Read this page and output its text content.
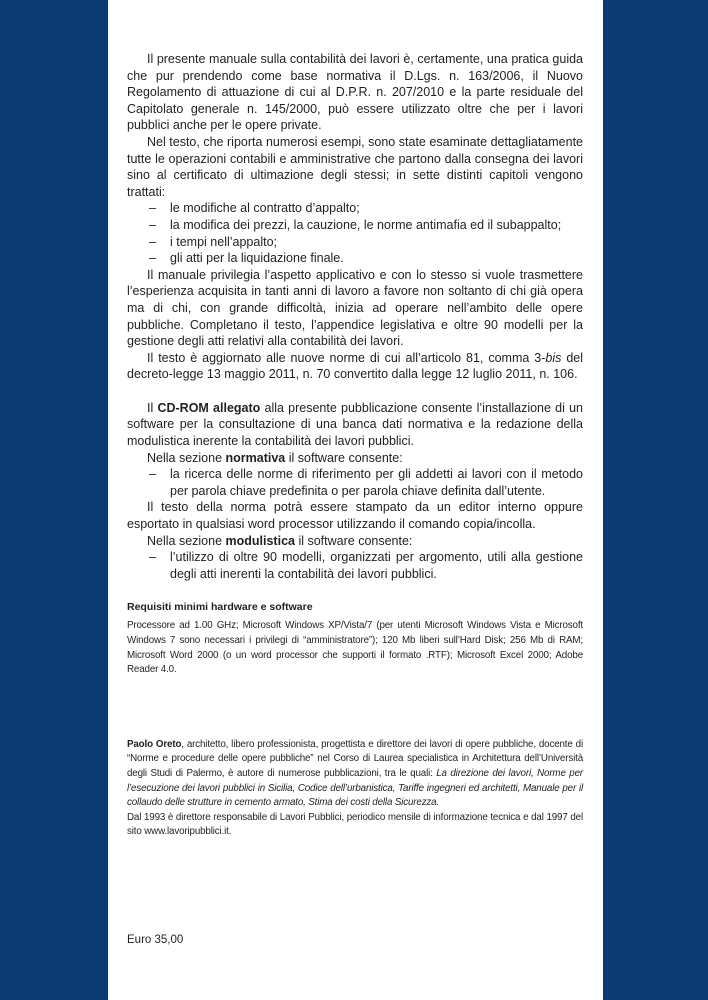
Il presente manuale sulla contabilità dei lavori è, certamente, una pratica guida che pur prendendo come base normativa il D.Lgs. n. 163/2006, il Nuovo Regolamento di attuazione di cui al D.P.R. n. 207/2010 e la parte residuale del Capitolato generale n. 145/2000, può essere utilizzato oltre che per i lavori pubblici anche per le opere private.

Nel testo, che riporta numerosi esempi, sono state esaminate dettagliatamente tutte le operazioni contabili e amministrative che partono dalla consegna dei lavori sino al certificato di ultimazione degli stessi; in sette distinti capitoli vengono trattati:

– le modifiche al contratto d’appalto;
– la modifica dei prezzi, la cauzione, le norme antimafia ed il subappalto;
– i tempi nell’appalto;
– gli atti per la liquidazione finale.

Il manuale privilegia l’aspetto applicativo e con lo stesso si vuole trasmettere l’esperienza acquisita in tanti anni di lavoro a favore non soltanto di chi già opera ma di chi, con grande difficoltà, inizia ad operare nell’ambito delle opere pubbliche. Completano il testo, l’appendice legislativa e oltre 90 modelli per la gestione degli atti relativi alla contabilità dei lavori.

Il testo è aggiornato alle nuove norme di cui all’articolo 81, comma 3-bis del decreto-legge 13 maggio 2011, n. 70 convertito dalla legge 12 luglio 2011, n. 106.

Il CD-ROM allegato alla presente pubblicazione consente l’installazione di un software per la consultazione di una banca dati normativa e la redazione della modulistica inerente la contabilità dei lavori pubblici.

Nella sezione normativa il software consente:

– la ricerca delle norme di riferimento per gli addetti ai lavori con il metodo per parola chiave predefinita o per parola chiave definita dall’utente.

Il testo della norma potrà essere stampato da un editor interno oppure esportato in qualsiasi word processor utilizzando il comando copia/incolla.

Nella sezione modulistica il software consente:

– l’utilizzo di oltre 90 modelli, organizzati per argomento, utili alla gestione degli atti inerenti la contabilità dei lavori pubblici.
Requisiti minimi hardware e software

Processore ad 1.00 GHz; Microsoft Windows XP/Vista/7 (per utenti Microsoft Windows Vista e Microsoft Windows 7 sono necessari i privilegi di “amministratore”); 120 Mb liberi sull’Hard Disk; 256 Mb di RAM; Microsoft Word 2000 (o un word processor che supporti il formato .RTF); Microsoft Excel 2000; Adobe Reader 4.0.

Paolo Oreto, architetto, libero professionista, progettista e direttore dei lavori di opere pubbliche, docente di “Norme e procedure delle opere pubbliche” nel Corso di Laurea specialistica in Architettura dell’Università degli Studi di Palermo, è autore di numerose pubblicazioni, tra le quali: La direzione dei lavori, Norme per l’esecuzione dei lavori pubblici in Sicilia, Codice dell’urbanistica, Tariffe ingegneri ed architetti, Manuale per il collaudo delle strutture in cemento armato, Stima dei costi della Sicurezza.

Dal 1993 è direttore responsabile di Lavori Pubblici, periodico mensile di informazione tecnica e dal 1997 del sito www.lavoripubblici.it.

Euro 35,00
